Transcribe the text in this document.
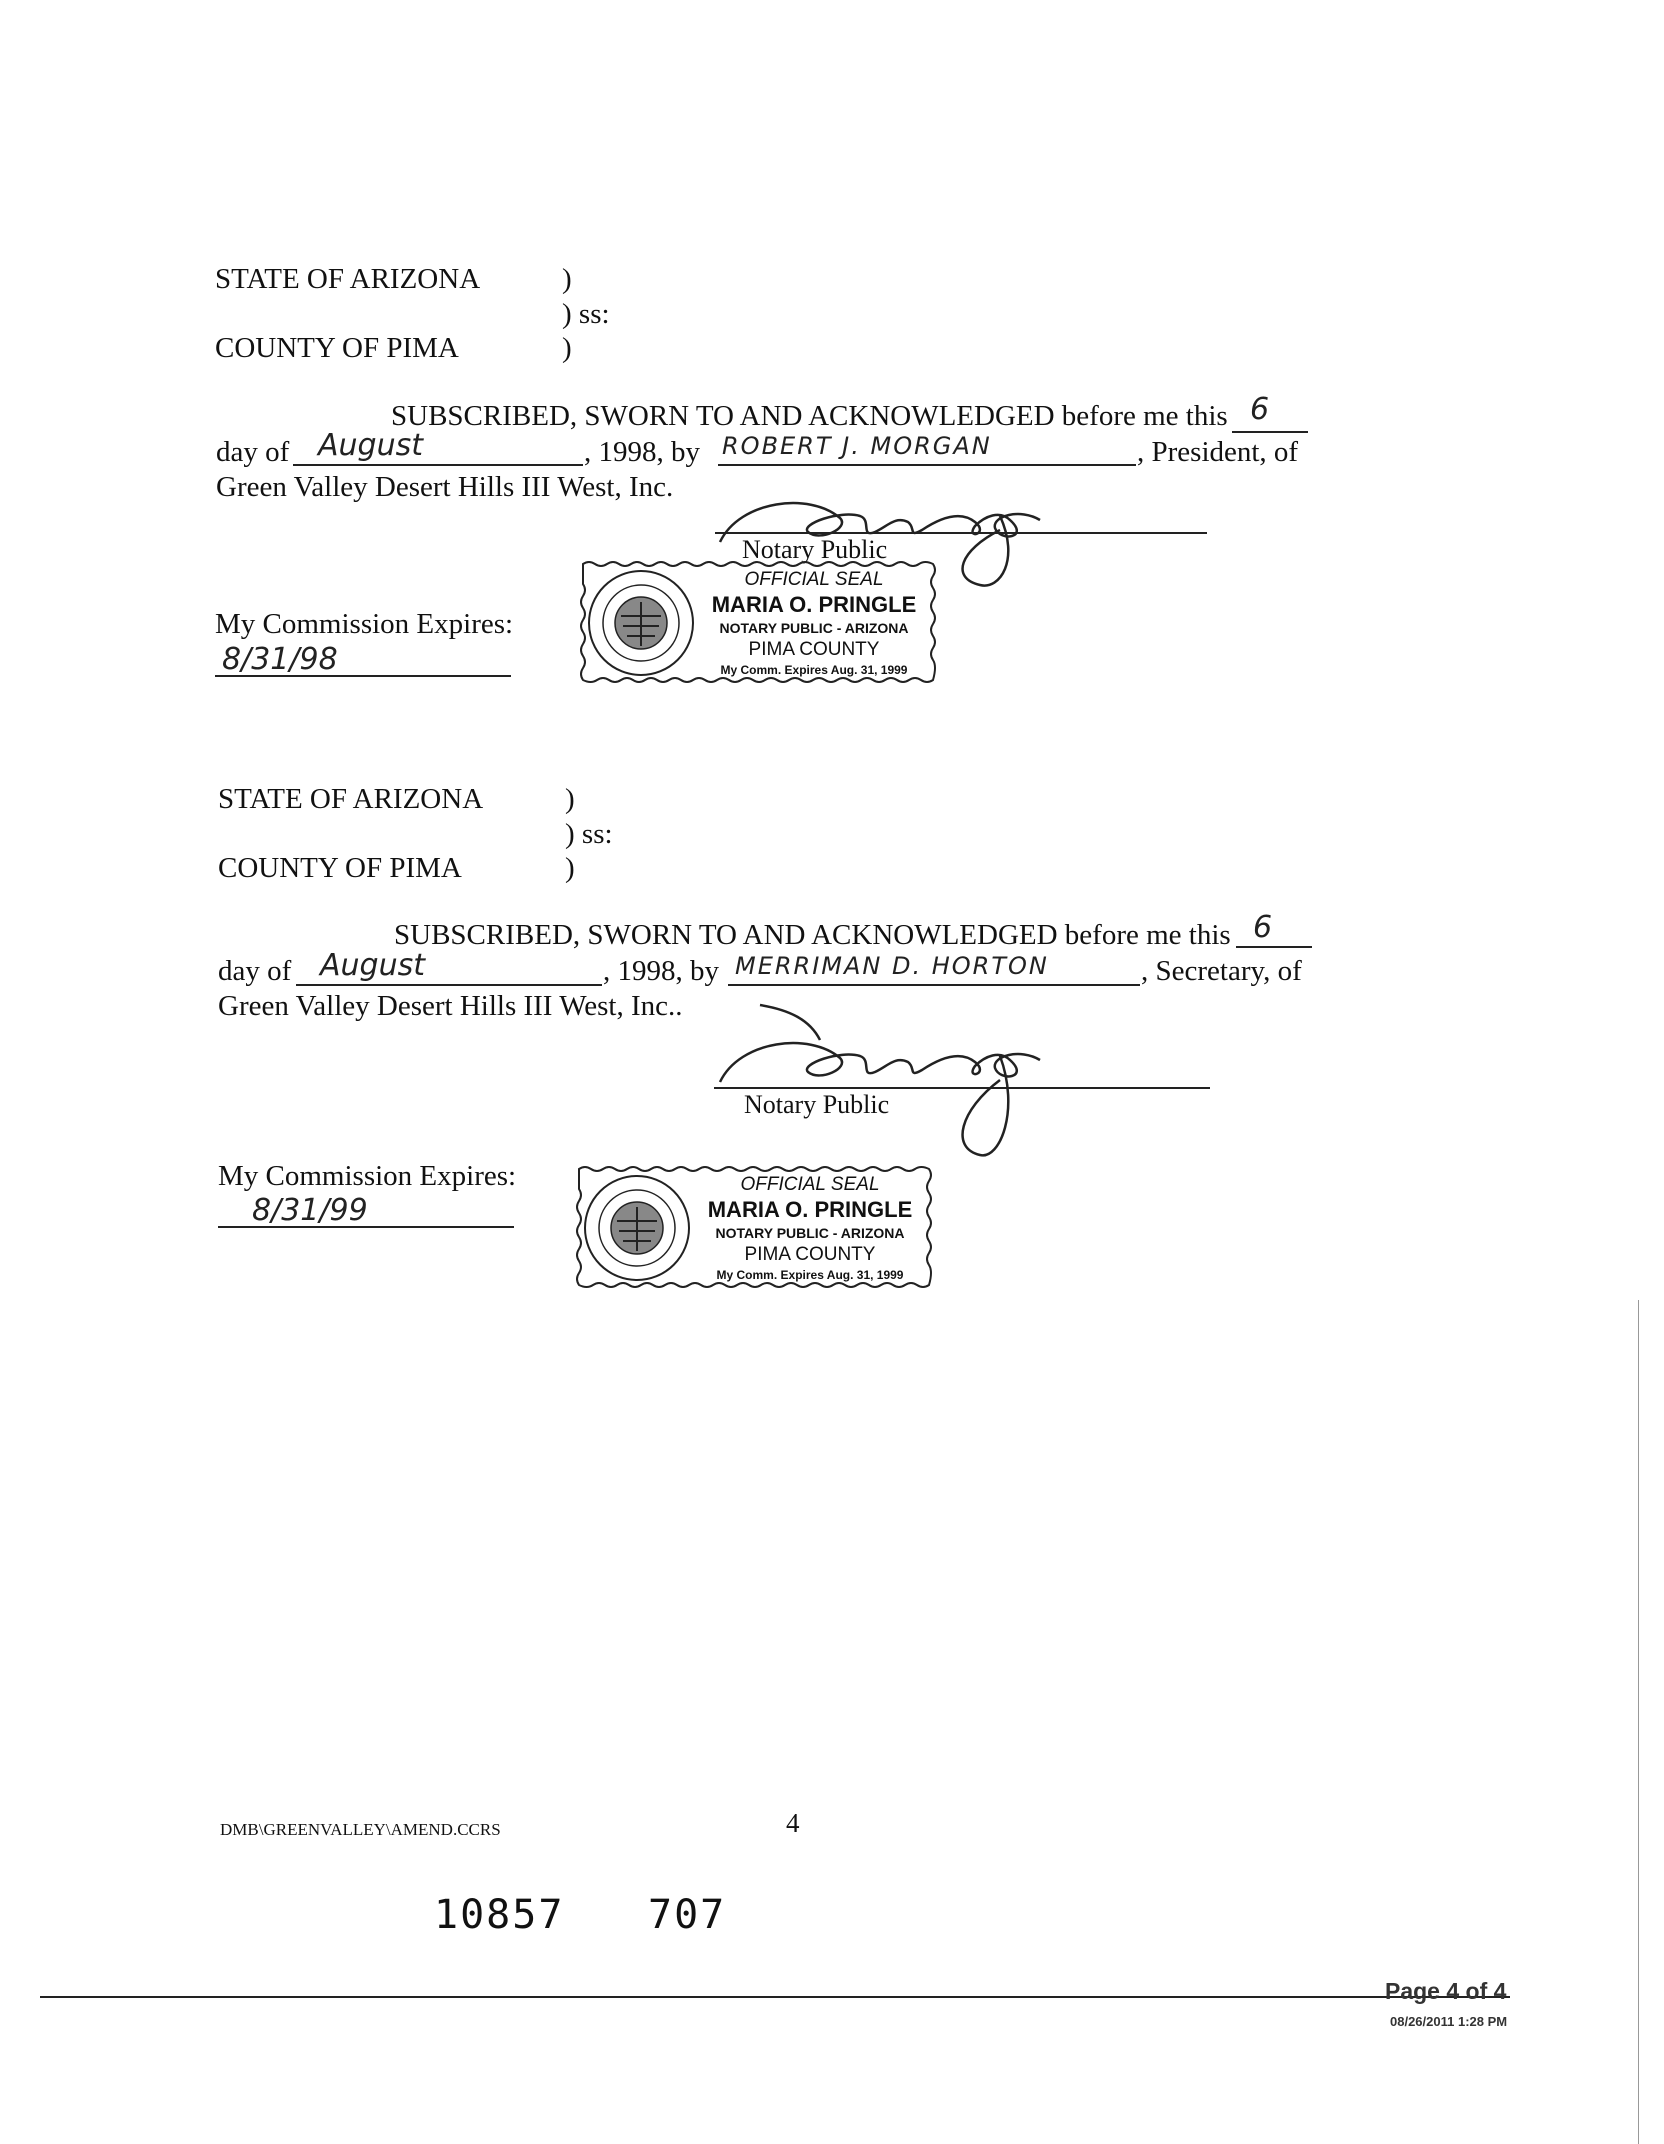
STATE OF ARIZONA	)
) ss:
COUNTY OF PIMA	)
SUBSCRIBED, SWORN TO AND ACKNOWLEDGED before me this 6
day of August	, 1998, by ROBERT J. MORGAN	, President, of
Green Valley Desert Hills III West, Inc.
Notary Public
My Commission Expires:
8/31/98
OFFICIAL SEAL
MARIA O. PRINGLE
NOTARY PUBLIC - ARIZONA
PIMA COUNTY
My Comm. Expires Aug. 31, 1999
STATE OF ARIZONA	)
) ss:
COUNTY OF PIMA	)
SUBSCRIBED, SWORN TO AND ACKNOWLEDGED before me this 6
day of August	, 1998, by MERRIMAN D. HORTON	, Secretary, of
Green Valley Desert Hills III West, Inc..
Notary Public
My Commission Expires:
8/31/99
OFFICIAL SEAL
MARIA O. PRINGLE
NOTARY PUBLIC - ARIZONA
PIMA COUNTY
My Comm. Expires Aug. 31, 1999
DMB\GREENVALLEY\AMEND.CCRS	4
10857 707
Page 4 of 4
08/26/2011 1:28 PM
